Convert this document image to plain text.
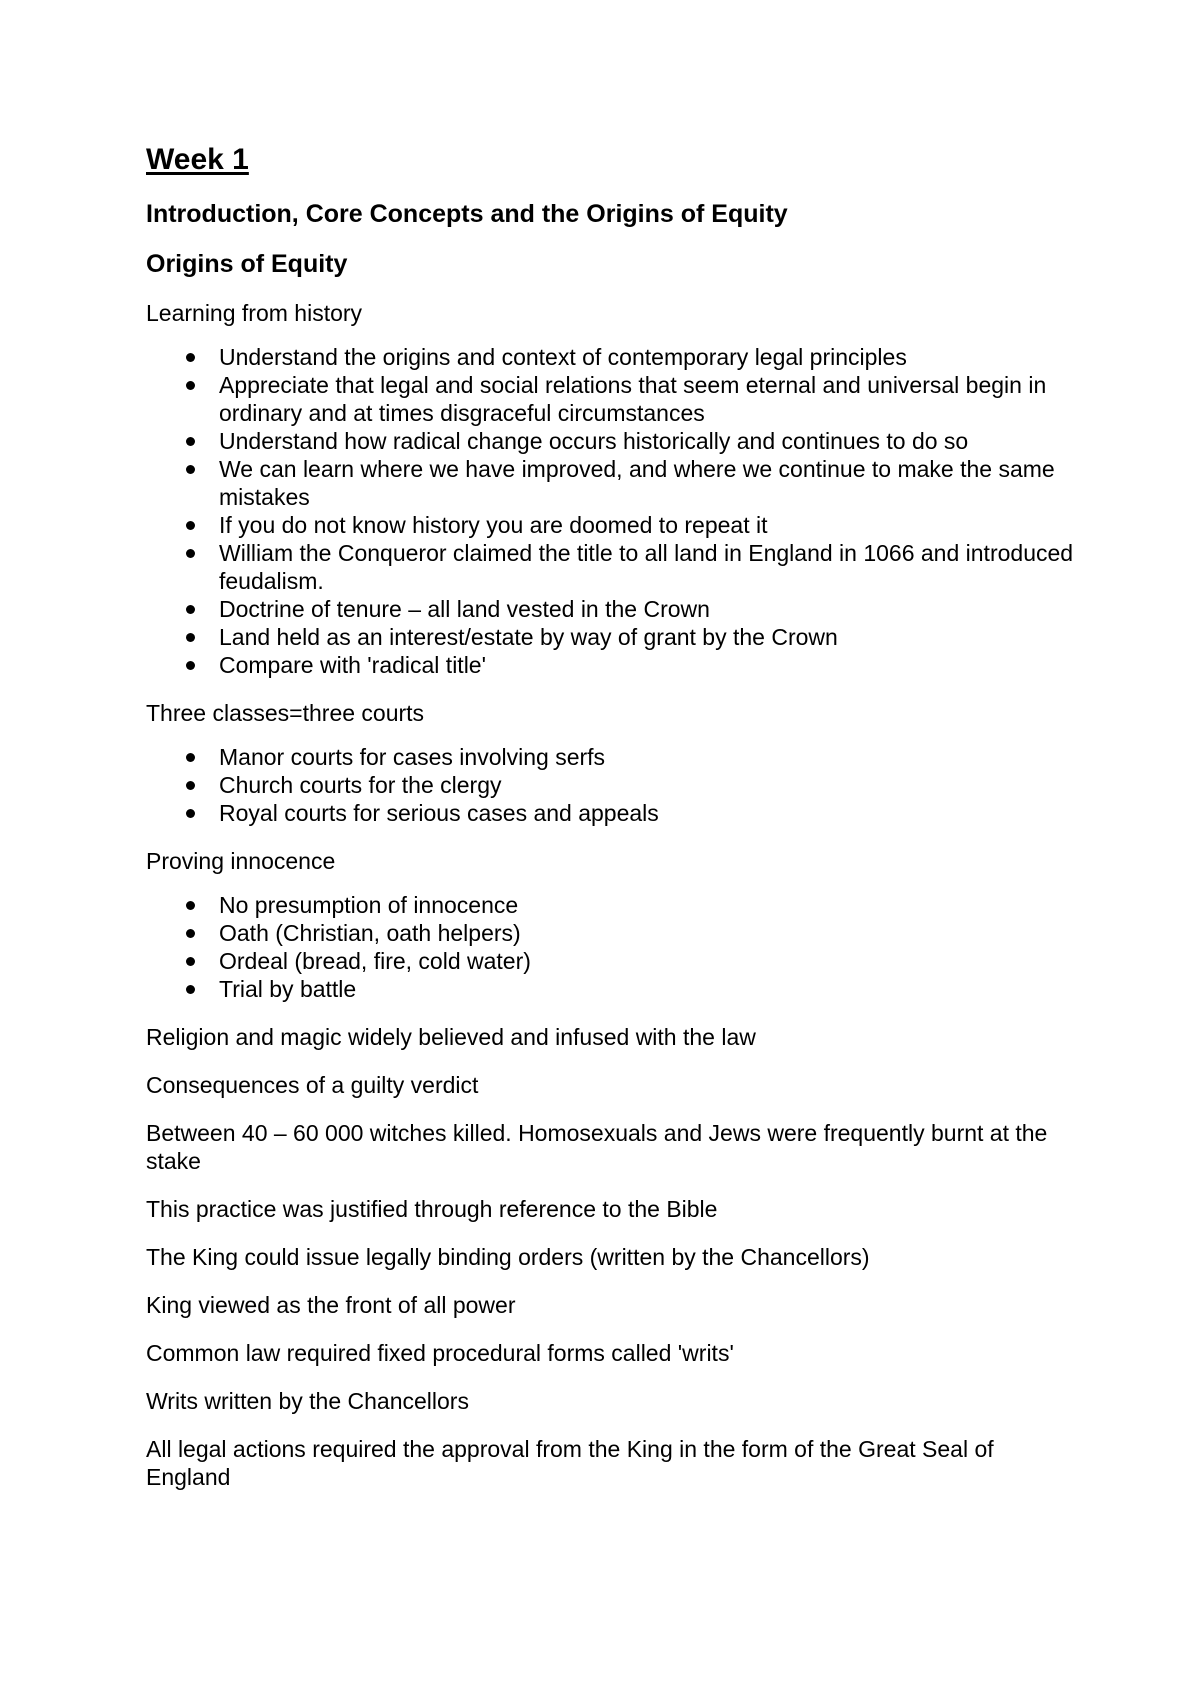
Week 1
Introduction, Core Concepts and the Origins of Equity
Origins of Equity
Learning from history
Understand the origins and context of contemporary legal principles
Appreciate that legal and social relations that seem eternal and universal begin in ordinary and at times disgraceful circumstances
Understand how radical change occurs historically and continues to do so
We can learn where we have improved, and where we continue to make the same mistakes
If you do not know history you are doomed to repeat it
William the Conqueror claimed the title to all land in England in 1066 and introduced feudalism.
Doctrine of tenure – all land vested in the Crown
Land held as an interest/estate by way of grant by the Crown
Compare with 'radical title'
Three classes=three courts
Manor courts for cases involving serfs
Church courts for the clergy
Royal courts for serious cases and appeals
Proving innocence
No presumption of innocence
Oath (Christian, oath helpers)
Ordeal (bread, fire, cold water)
Trial by battle
Religion and magic widely believed and infused with the law
Consequences of a guilty verdict
Between 40 – 60 000 witches killed. Homosexuals and Jews were frequently burnt at the stake
This practice was justified through reference to the Bible
The King could issue legally binding orders (written by the Chancellors)
King viewed as the front of all power
Common law required fixed procedural forms called 'writs'
Writs written by the Chancellors
All legal actions required the approval from the King in the form of the Great Seal of England
